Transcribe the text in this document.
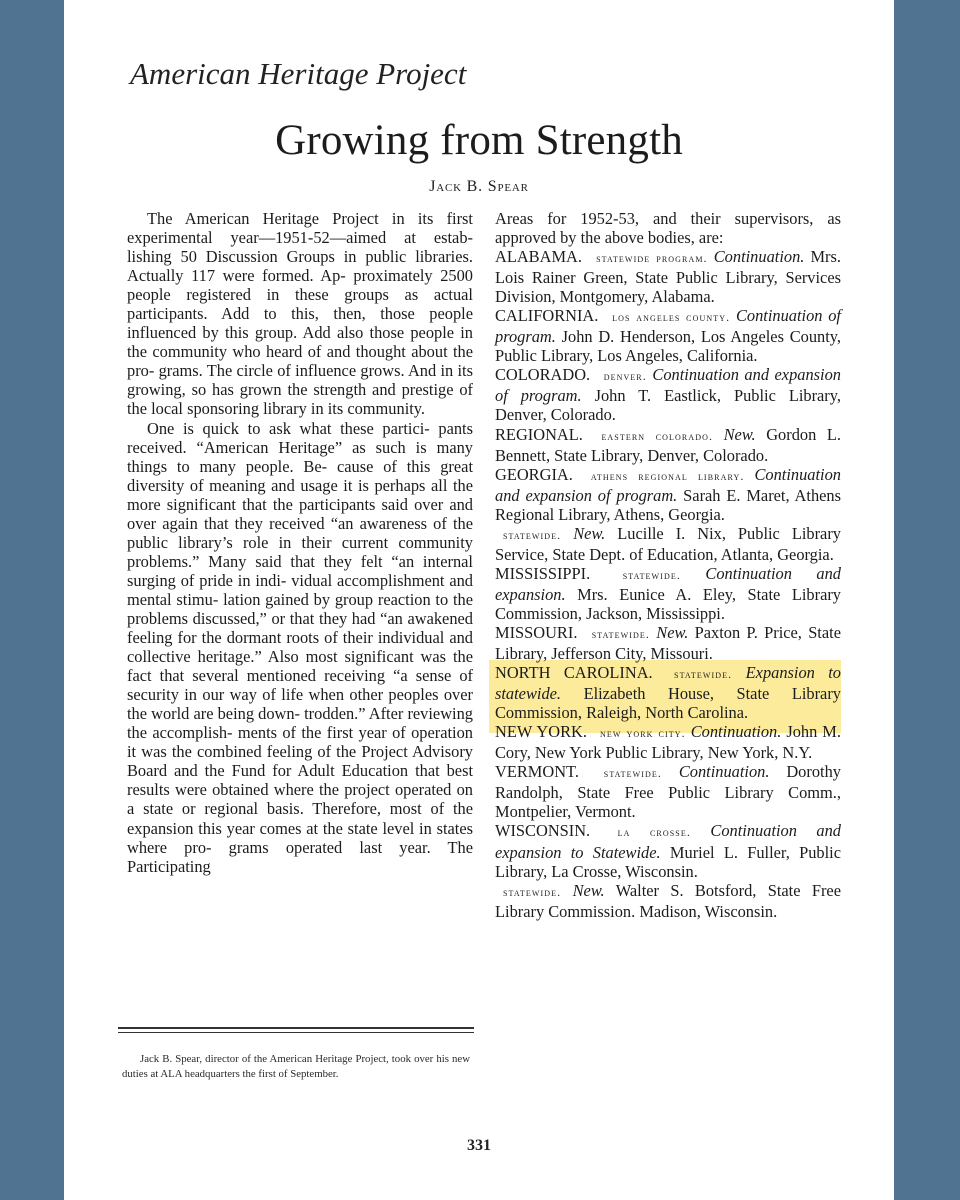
American Heritage Project
Growing from Strength
Jack B. Spear

The American Heritage Project in its first experimental year—1951-52—aimed at estab- lishing 50 Discussion Groups in public libraries. Actually 117 were formed. Ap- proximately 2500 people registered in these groups as actual participants. Add to this, then, those people influenced by this group. Add also those people in the community who heard of and thought about the pro- grams. The circle of influence grows. And in its growing, so has grown the strength and prestige of the local sponsoring library in its community.

One is quick to ask what these partici- pants received. “American Heritage” as such is many things to many people. Be- cause of this great diversity of meaning and usage it is perhaps all the more significant that the participants said over and over again that they received “an awareness of the public library’s role in their current community problems.” Many said that they felt “an internal surging of pride in indi- vidual accomplishment and mental stimu- lation gained by group reaction to the problems discussed,” or that they had “an awakened feeling for the dormant roots of their individual and collective heritage.” Also most significant was the fact that several mentioned receiving “a sense of security in our way of life when other peoples over the world are being down- trodden.” After reviewing the accomplish- ments of the first year of operation it was the combined feeling of the Project Advisory Board and the Fund for Adult Education that best results were obtained where the project operated on a state or regional basis. Therefore, most of the expansion this year comes at the state level in states where pro- grams operated last year. The Participating

Areas for 1952-53, and their supervisors, as approved by the above bodies, are:

ALABAMA. statewide program. Continuation. Mrs. Lois Rainer Green, State Public Library, Services Division, Montgomery, Alabama.

CALIFORNIA. los angeles county. Continuation of program. John D. Henderson, Los Angeles County, Public Library, Los Angeles, California.

COLORADO. denver. Continuation and expansion of program. John T. Eastlick, Public Library, Denver, Colorado.

REGIONAL. eastern colorado. New. Gordon L. Bennett, State Library, Denver, Colorado.

GEORGIA. athens regional library. Continuation and expansion of program. Sarah E. Maret, Athens Regional Library, Athens, Georgia.

statewide. New. Lucille I. Nix, Public Library Service, State Dept. of Education, Atlanta, Georgia.

MISSISSIPPI.	statewide. Continuation and expansion. Mrs. Eunice A. Eley, State Library Commission, Jackson, Mississippi.

MISSOURI. statewide. New. Paxton P. Price, State Library, Jefferson City, Missouri.

NORTH CAROLINA. statewide. Expansion to statewide. Elizabeth House, State Library Commission, Raleigh, North Carolina.

NEW YORK. new york city. Continuation. John M. Cory, New York Public Library, New York, N.Y.

VERMONT. statewide. Continuation. Dorothy Randolph, State Free Public Library Comm., Montpelier, Vermont.

WISCONSIN. la crosse. Continuation and expansion to Statewide. Muriel L. Fuller, Public Library, La Crosse, Wisconsin.

statewide. New. Walter S. Botsford, State Free Library Commission. Madison, Wisconsin.

Jack B. Spear, director of the American Heritage Project, took over his new duties at ALA headquarters the first of September.

331
